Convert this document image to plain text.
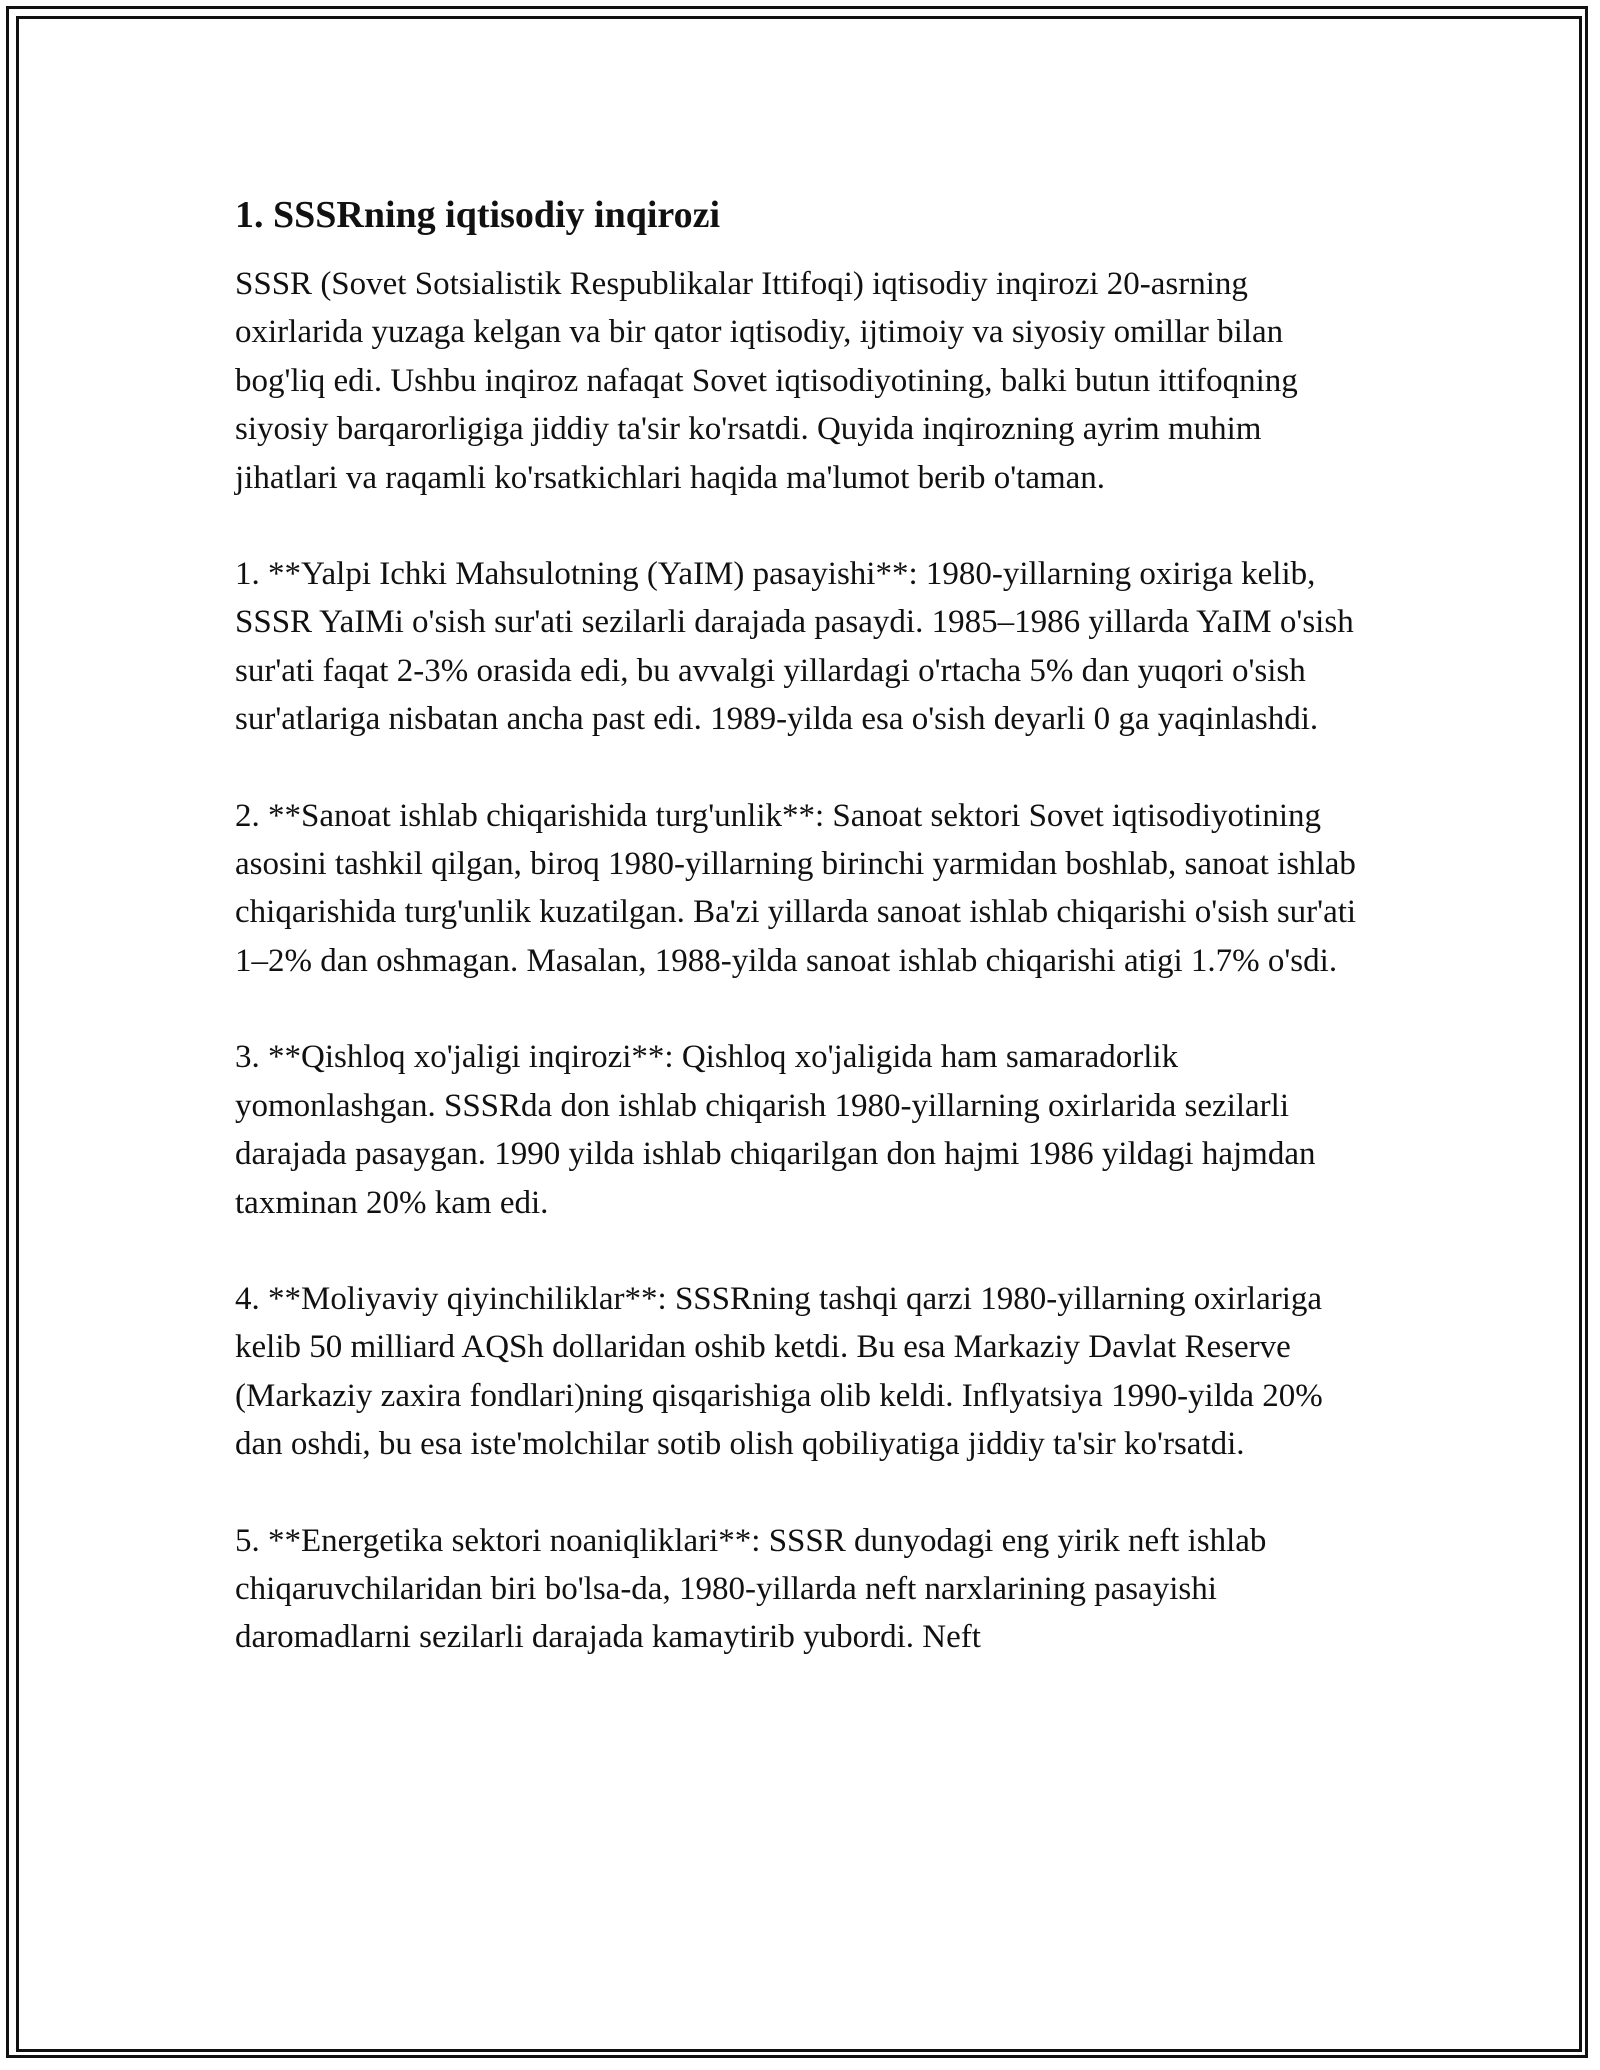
1. SSSRning iqtisodiy inqirozi

SSSR (Sovet Sotsialistik Respublikalar Ittifoqi) iqtisodiy inqirozi 20-asrning oxirlarida yuzaga kelgan va bir qator iqtisodiy, ijtimoiy va siyosiy omillar bilan bog'liq edi. Ushbu inqiroz nafaqat Sovet iqtisodiyotining, balki butun ittifoqning siyosiy barqarorligiga jiddiy ta'sir ko'rsatdi. Quyida inqirozning ayrim muhim jihatlari va raqamli ko'rsatkichlari haqida ma'lumot berib o'taman.

1. **Yalpi Ichki Mahsulotning (YaIM) pasayishi**: 1980-yillarning oxiriga kelib, SSSR YaIMi o'sish sur'ati sezilarli darajada pasaydi. 1985–1986 yillarda YaIM o'sish sur'ati faqat 2-3% orasida edi, bu avvalgi yillardagi o'rtacha 5% dan yuqori o'sish sur'atlariga nisbatan ancha past edi. 1989-yilda esa o'sish deyarli 0 ga yaqinlashdi.

2. **Sanoat ishlab chiqarishida turg'unlik**: Sanoat sektori Sovet iqtisodiyotining asosini tashkil qilgan, biroq 1980-yillarning birinchi yarmidan boshlab, sanoat ishlab chiqarishida turg'unlik kuzatilgan. Ba'zi yillarda sanoat ishlab chiqarishi o'sish sur'ati 1–2% dan oshmagan. Masalan, 1988-yilda sanoat ishlab chiqarishi atigi 1.7% o'sdi.

3. **Qishloq xo'jaligi inqirozi**: Qishloq xo'jaligida ham samaradorlik yomonlashgan. SSSRda don ishlab chiqarish 1980-yillarning oxirlarida sezilarli darajada pasaygan. 1990 yilda ishlab chiqarilgan don hajmi 1986 yildagi hajmdan taxminan 20% kam edi.

4. **Moliyaviy qiyinchiliklar**: SSSRning tashqi qarzi 1980-yillarning oxirlariga kelib 50 milliard AQSh dollaridan oshib ketdi. Bu esa Markaziy Davlat Reserve (Markaziy zaxira fondlari)ning qisqarishiga olib keldi. Inflyatsiya 1990-yilda 20% dan oshdi, bu esa iste'molchilar sotib olish qobiliyatiga jiddiy ta'sir ko'rsatdi.

5. **Energetika sektori noaniqliklari**: SSSR dunyodagi eng yirik neft ishlab chiqaruvchilaridan biri bo'lsa-da, 1980-yillarda neft narxlarining pasayishi daromadlarni sezilarli darajada kamaytirib yubordi. Neft
